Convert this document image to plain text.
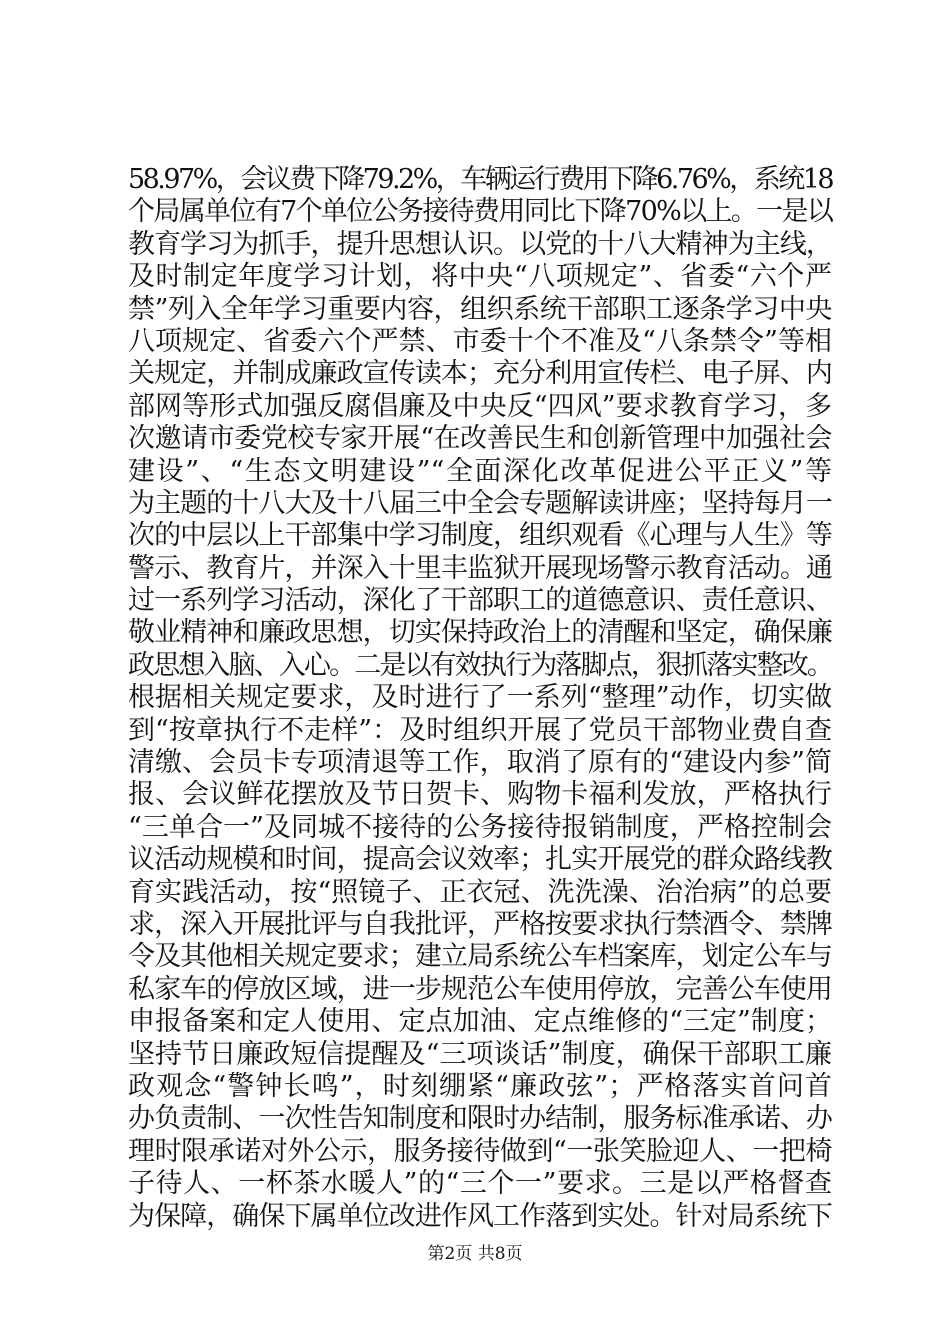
58.97%，会议费下降79.2%，车辆运行费用下降6.76%，系统18
个局属单位有7个单位公务接待费用同比下降70%以上。一是以
教育学习为抓手，提升思想认识。以党的十八大精神为主线，
及时制定年度学习计划，将中央“八项规定”、省委“六个严
禁”列入全年学习重要内容，组织系统干部职工逐条学习中央
八项规定、省委六个严禁、市委十个不准及“八条禁令”等相
关规定，并制成廉政宣传读本；充分利用宣传栏、电子屏、内
部网等形式加强反腐倡廉及中央反“四风”要求教育学习，多
次邀请市委党校专家开展“在改善民生和创新管理中加强社会
建设”、“生态文明建设”“全面深化改革促进公平正义”等
为主题的十八大及十八届三中全会专题解读讲座；坚持每月一
次的中层以上干部集中学习制度，组织观看《心理与人生》等
警示、教育片，并深入十里丰监狱开展现场警示教育活动。通
过一系列学习活动，深化了干部职工的道德意识、责任意识、
敬业精神和廉政思想，切实保持政治上的清醒和坚定，确保廉
政思想入脑、入心。二是以有效执行为落脚点，狠抓落实整改。
根据相关规定要求，及时进行了一系列“整理”动作，切实做
到“按章执行不走样”：及时组织开展了党员干部物业费自查
清缴、会员卡专项清退等工作，取消了原有的“建设内参”简
报、会议鲜花摆放及节日贺卡、购物卡福利发放，严格执行
“三单合一”及同城不接待的公务接待报销制度，严格控制会
议活动规模和时间，提高会议效率；扎实开展党的群众路线教
育实践活动，按“照镜子、正衣冠、洗洗澡、治治病”的总要
求，深入开展批评与自我批评，严格按要求执行禁酒令、禁牌
令及其他相关规定要求；建立局系统公车档案库，划定公车与
私家车的停放区域，进一步规范公车使用停放，完善公车使用
申报备案和定人使用、定点加油、定点维修的“三定”制度；
坚持节日廉政短信提醒及“三项谈话”制度，确保干部职工廉
政观念“警钟长鸣”，时刻绷紧“廉政弦”；严格落实首问首
办负责制、一次性告知制度和限时办结制，服务标准承诺、办
理时限承诺对外公示，服务接待做到“一张笑脸迎人、一把椅
子待人、一杯茶水暖人”的“三个一”要求。三是以严格督查
为保障，确保下属单位改进作风工作落到实处。针对局系统下
第2页 共8页
